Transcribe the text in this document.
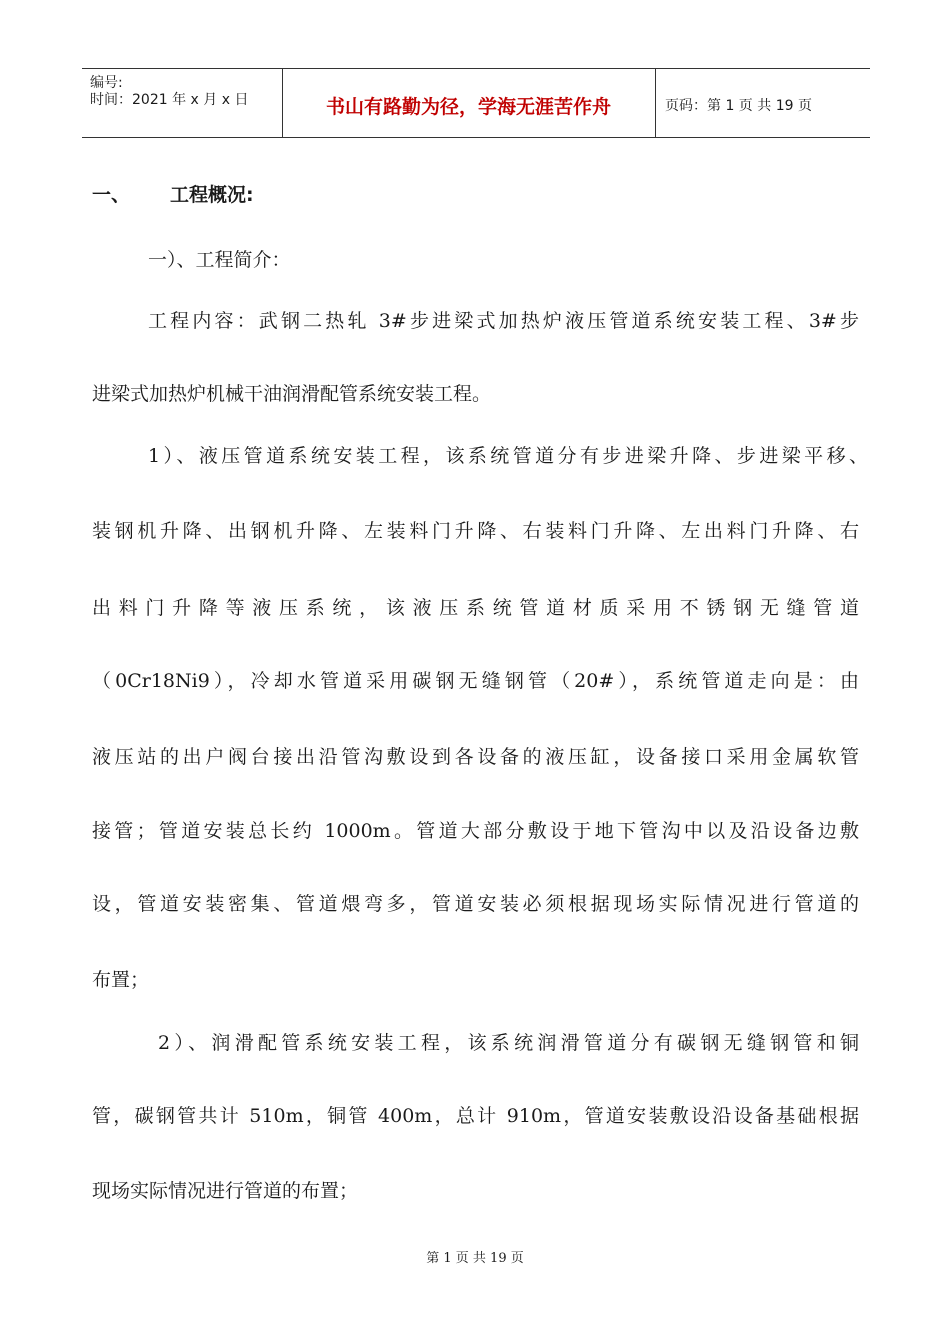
编号:
时间：2021 年 x 月 x 日	书山有路勤为径，学海无涯苦作舟	页码：第 1 页 共 19 页
一、 工程概况:
一）、工程简介：
工程内容：武钢二热轧 3#步进梁式加热炉液压管道系统安装工程、3#步
进梁式加热炉机械干油润滑配管系统安装工程。
1）、液压管道系统安装工程，该系统管道分有步进梁升降、步进梁平移、
装钢机升降、出钢机升降、左装料门升降、右装料门升降、左出料门升降、右
出料门升降等液压系统，该液压系统管道材质采用不锈钢无缝管道
（0Cr18Ni9），冷却水管道采用碳钢无缝钢管（20#），系统管道走向是：由
液压站的出户阀台接出沿管沟敷设到各设备的液压缸，设备接口采用金属软管
接管；管道安装总长约 1000m。管道大部分敷设于地下管沟中以及沿设备边敷
设，管道安装密集、管道煨弯多，管道安装必须根据现场实际情况进行管道的
布置；
2）、润滑配管系统安装工程，该系统润滑管道分有碳钢无缝钢管和铜
管，碳钢管共计 510m，铜管 400m，总计 910m，管道安装敷设沿设备基础根据
现场实际情况进行管道的布置；
第 1 页 共 19 页
